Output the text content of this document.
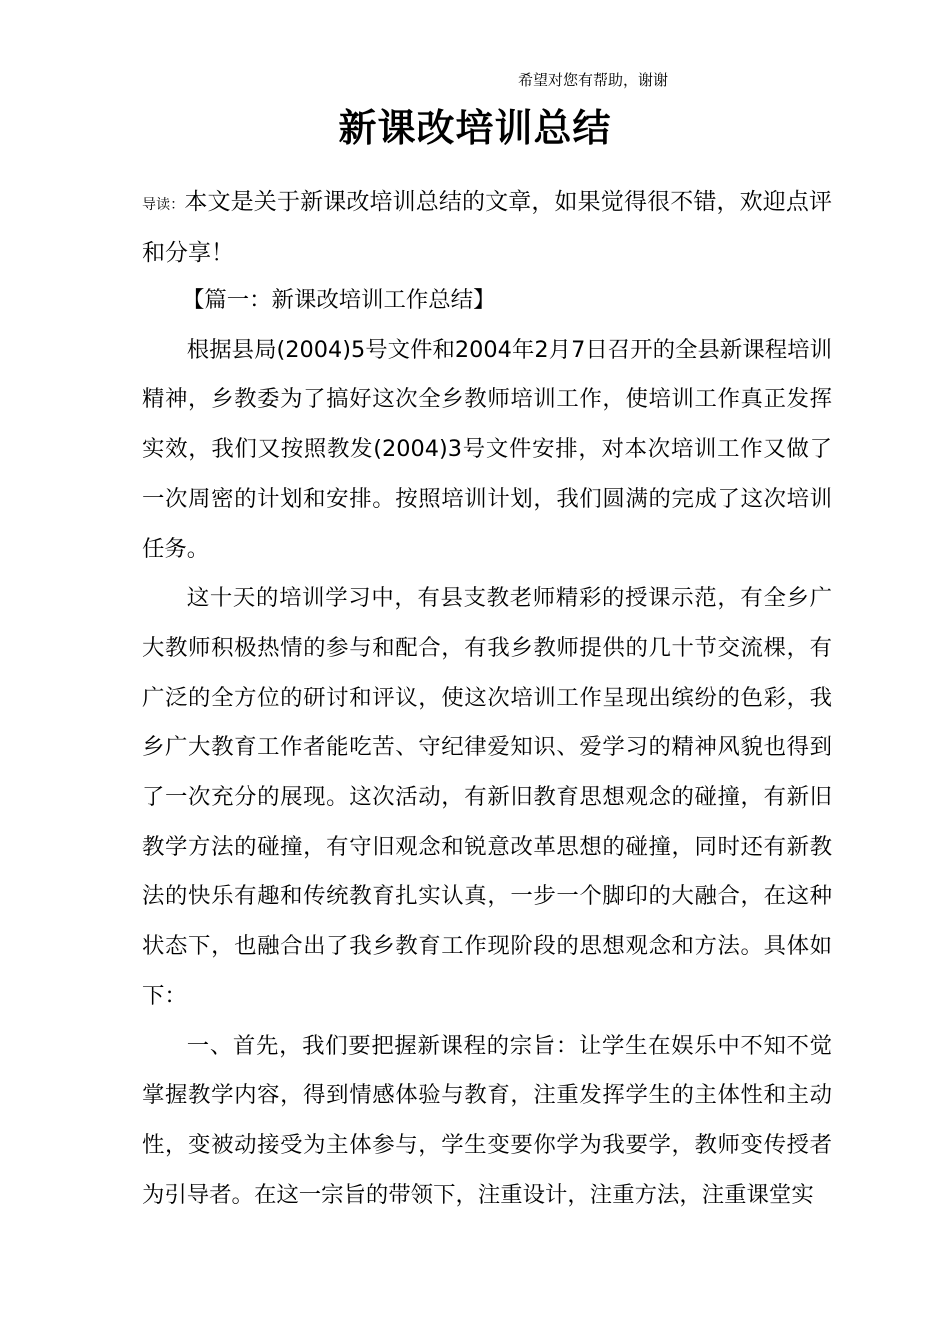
希望对您有帮助，谢谢
新课改培训总结
导读：本文是关于新课改培训总结的文章，如果觉得很不错，欢迎点评和分享！

【篇一：新课改培训工作总结】

根据县局(2004)5号文件和2004年2月7日召开的全县新课程培训精神，乡教委为了搞好这次全乡教师培训工作，使培训工作真正发挥实效，我们又按照教发(2004)3号文件安排，对本次培训工作又做了一次周密的计划和安排。按照培训计划，我们圆满的完成了这次培训任务。

这十天的培训学习中，有县支教老师精彩的授课示范，有全乡广大教师积极热情的参与和配合，有我乡教师提供的几十节交流棵，有广泛的全方位的研讨和评议，使这次培训工作呈现出缤纷的色彩，我乡广大教育工作者能吃苦、守纪律爱知识、爱学习的精神风貌也得到了一次充分的展现。这次活动，有新旧教育思想观念的碰撞，有新旧教学方法的碰撞，有守旧观念和锐意改革思想的碰撞，同时还有新教法的快乐有趣和传统教育扎实认真，一步一个脚印的大融合，在这种状态下，也融合出了我乡教育工作现阶段的思想观念和方法。具体如下：

一、首先，我们要把握新课程的宗旨：让学生在娱乐中不知不觉掌握教学内容，得到情感体验与教育，注重发挥学生的主体性和主动性，变被动接受为主体参与，学生变要你学为我要学，教师变传授者为引导者。在这一宗旨的带领下，注重设计，注重方法，注重课堂实
